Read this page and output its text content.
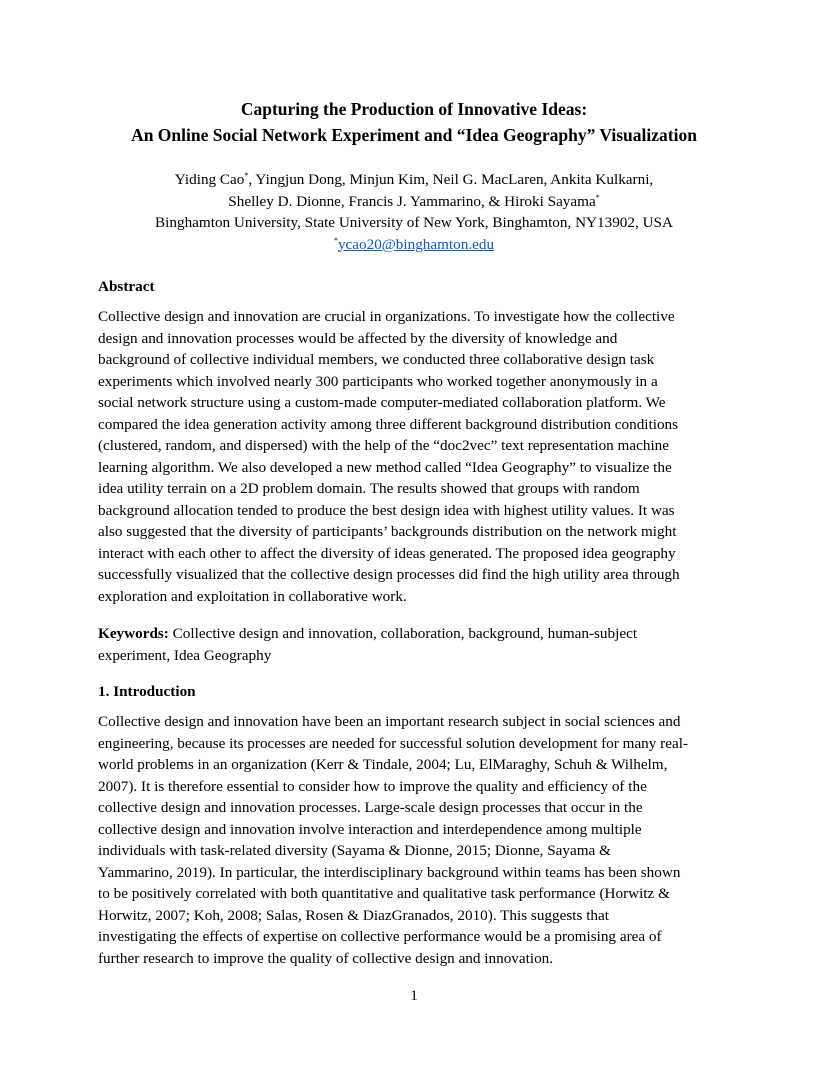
Capturing the Production of Innovative Ideas:
An Online Social Network Experiment and “Idea Geography” Visualization
Yiding Cao*, Yingjun Dong, Minjun Kim, Neil G. MacLaren, Ankita Kulkarni,
Shelley D. Dionne, Francis J. Yammarino, & Hiroki Sayama*
Binghamton University, State University of New York, Binghamton, NY13902, USA
*ycao20@binghamton.edu
Abstract
Collective design and innovation are crucial in organizations. To investigate how the collective
design and innovation processes would be affected by the diversity of knowledge and
background of collective individual members, we conducted three collaborative design task
experiments which involved nearly 300 participants who worked together anonymously in a
social network structure using a custom-made computer-mediated collaboration platform. We
compared the idea generation activity among three different background distribution conditions
(clustered, random, and dispersed) with the help of the “doc2vec” text representation machine
learning algorithm. We also developed a new method called “Idea Geography” to visualize the
idea utility terrain on a 2D problem domain. The results showed that groups with random
background allocation tended to produce the best design idea with highest utility values. It was
also suggested that the diversity of participants’ backgrounds distribution on the network might
interact with each other to affect the diversity of ideas generated. The proposed idea geography
successfully visualized that the collective design processes did find the high utility area through
exploration and exploitation in collaborative work.
Keywords: Collective design and innovation, collaboration, background, human-subject
experiment, Idea Geography
1. Introduction
Collective design and innovation have been an important research subject in social sciences and
engineering, because its processes are needed for successful solution development for many real-
world problems in an organization (Kerr & Tindale, 2004; Lu, ElMaraghy, Schuh & Wilhelm,
2007). It is therefore essential to consider how to improve the quality and efficiency of the
collective design and innovation processes. Large-scale design processes that occur in the
collective design and innovation involve interaction and interdependence among multiple
individuals with task-related diversity (Sayama & Dionne, 2015; Dionne, Sayama &
Yammarino, 2019). In particular, the interdisciplinary background within teams has been shown
to be positively correlated with both quantitative and qualitative task performance (Horwitz &
Horwitz, 2007; Koh, 2008; Salas, Rosen & DiazGranados, 2010). This suggests that
investigating the effects of expertise on collective performance would be a promising area of
further research to improve the quality of collective design and innovation.
1
